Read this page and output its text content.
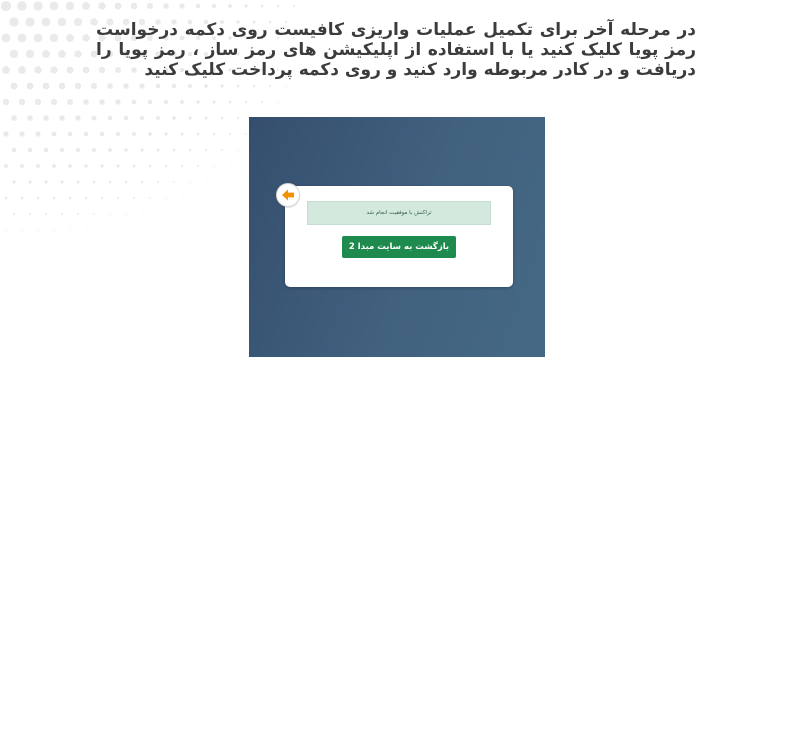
در مرحله آخر برای تکمیل عملیات واریزی کافیست روی دکمه درخواست رمز پویا کلیک کنید یا با استفاده از اپلیکیشن های رمز ساز ، رمز پویا را دریافت و در کادر مربوطه وارد کنید و روی دکمه پرداخت کلیک کنید

تراکنش با موفقیت انجام شد
بازگشت به سایت مبدا 2
